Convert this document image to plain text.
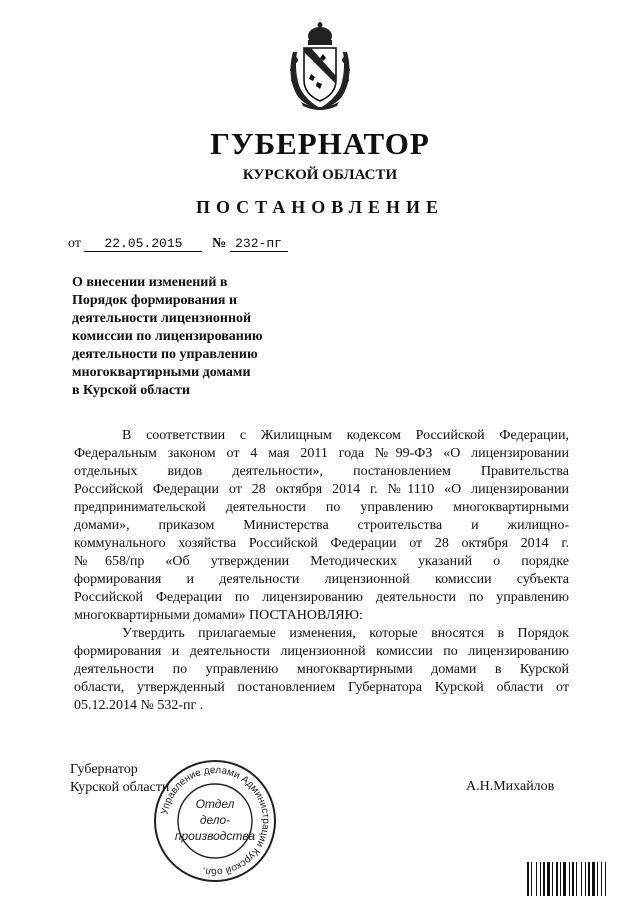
ГУБЕРНАТОР
КУРСКОЙ ОБЛАСТИ
ПОСТАНОВЛЕНИЕ
от 22.05.2015 № 232-пг
О внесении изменений в
Порядок формирования и
деятельности лицензионной
комиссии по лицензированию
деятельности по управлению
многоквартирными домами
в Курской области
В соответствии с Жилищным кодексом Российской Федерации,
Федеральным законом от 4 мая 2011 года №99-ФЗ «О лицензировании
отдельных видов деятельности», постановлением Правительства
Российской Федерации от 28 октября 2014 г. №1110 «О лицензировании
предпринимательской деятельности по управлению многоквартирными
домами», приказом Министерства строительства и жилищно-
коммунального хозяйства Российской Федерации от 28 октября 2014 г.
№658/пр «Об утверждении Методических указаний о порядке
формирования и деятельности лицензионной комиссии субъекта
Российской Федерации по лицензированию деятельности по управлению
многоквартирными домами» ПОСТАНОВЛЯЮ:
Утвердить прилагаемые изменения, которые вносятся в Порядок
формирования и деятельности лицензионной комиссии по лицензированию
деятельности по управлению многоквартирными домами в Курской
области, утвержденный постановлением Губернатора Курской области от
05.12.2014 № 532-пг .
Губернатор
Курской области	А.Н.Михайлов
Управление делами Администрации Курской обл.
Отдел
дело-
производства
